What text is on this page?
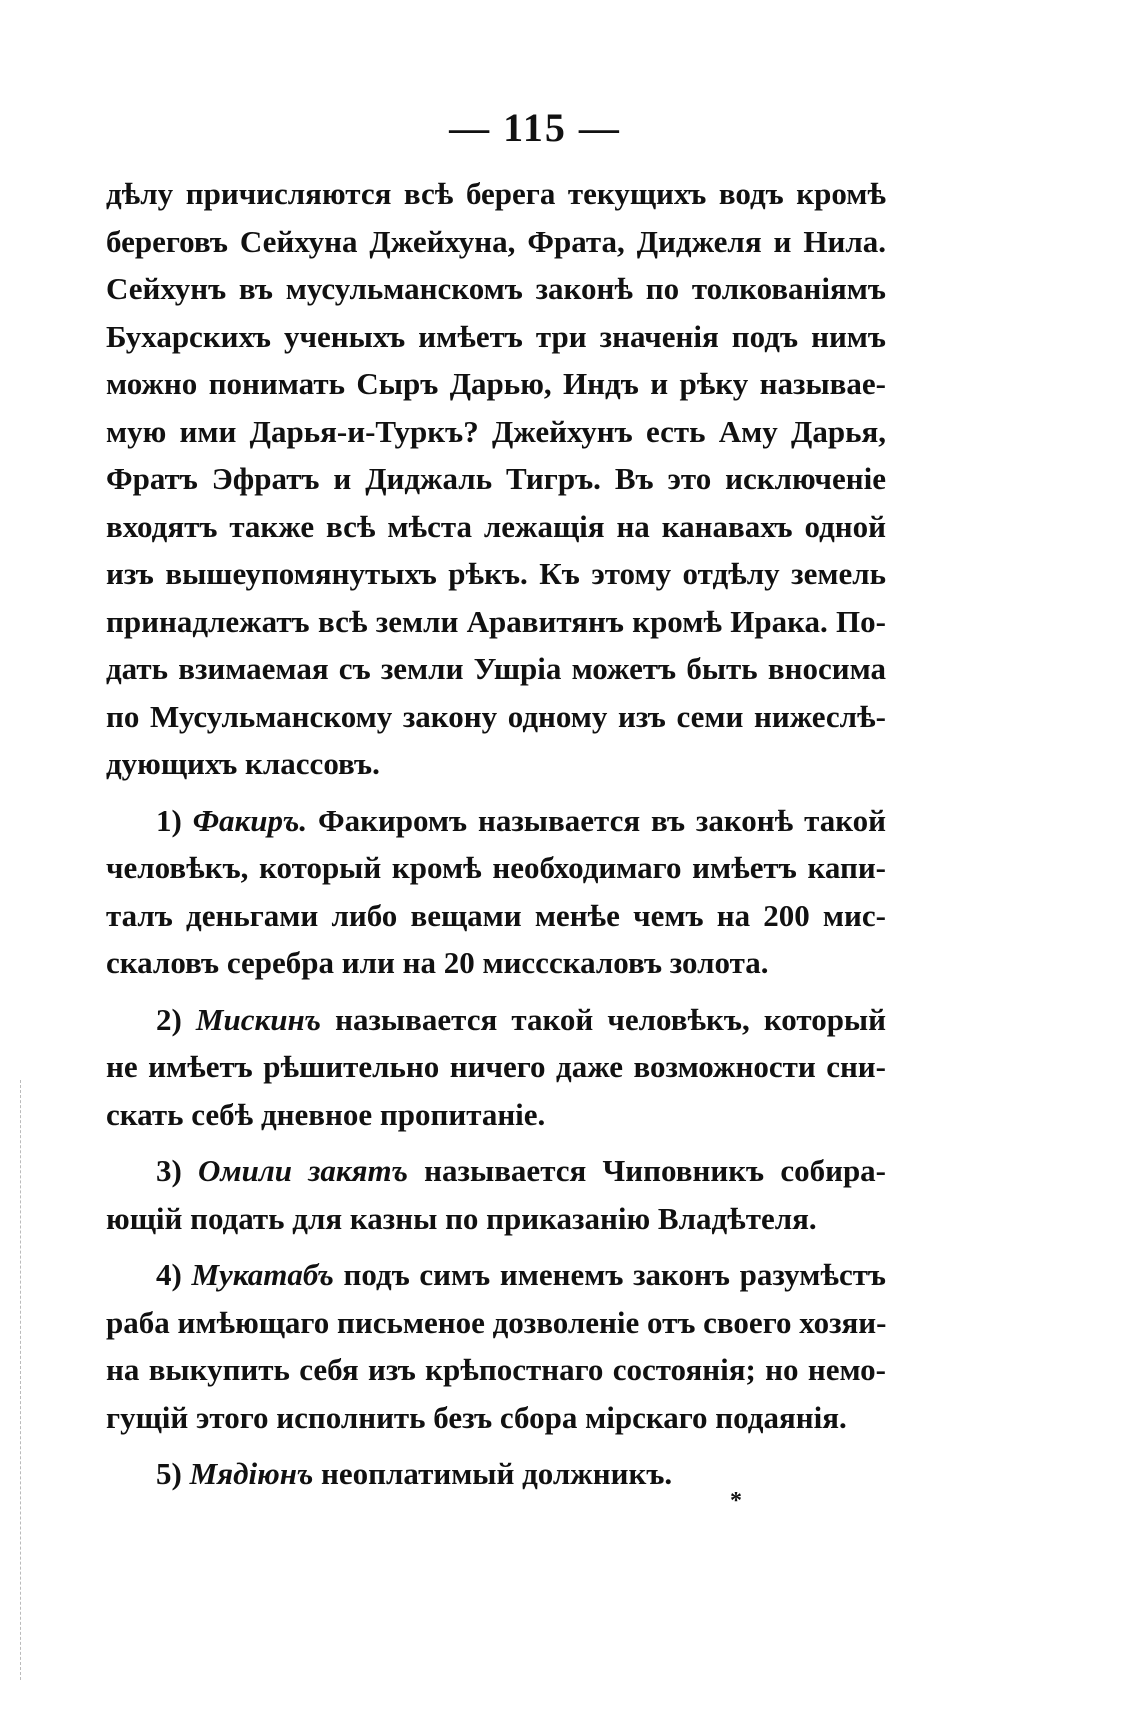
— 115 —
дѣлу причисляются всѣ берега текущихъ водъ кромѣ
береговъ Сейхуна Джейхуна, Фрата, Диджеля и Нила.
Сейхунъ въ мусульманскомъ законѣ по толкованіямъ
Бухарскихъ ученыхъ имѣетъ три значенія подъ нимъ
можно понимать Сыръ Дарью, Индъ и рѣку называе-
мую ими Дарья-и-Туркъ? Джейхунъ есть Аму Дарья,
Фратъ Эфратъ и Диджаль Тигръ. Въ это исключеніе
входятъ также всѣ мѣста лежащія на канавахъ одной
изъ вышеупомянутыхъ рѣкъ. Къ этому отдѣлу земель
принадлежатъ всѣ земли Аравитянъ кромѣ Ирака. По-
дать взимаемая съ земли Ушріа можетъ быть вносима
по Мусульманскому закону одному изъ семи нижеслѣ-
дующихъ классовъ.
1) Факиръ. Факиромъ называется въ законѣ такой
человѣкъ, который кромѣ необходимаго имѣетъ капи-
талъ деньгами либо вещами менѣе чемъ на 200 мис-
скаловъ серебра или на 20 миссскаловъ золота.
2) Мискинъ называется такой человѣкъ, который
не имѣетъ рѣшительно ничего даже возможности сни-
скать себѣ дневное пропитаніе.
3) Омили закятъ называется Чиповникъ собира-
ющій подать для казны по приказанію Владѣтеля.
4) Мукатабъ подъ симъ именемъ законъ разумѣстъ
раба имѣющаго письменое дозволеніе отъ своего хозяи-
на выкупить себя изъ крѣпостнаго состоянія; но немо-
гущій этого исполнить безъ сбора мірскаго подаянія.
5) Мядіюнъ неоплатимый должникъ.
*
